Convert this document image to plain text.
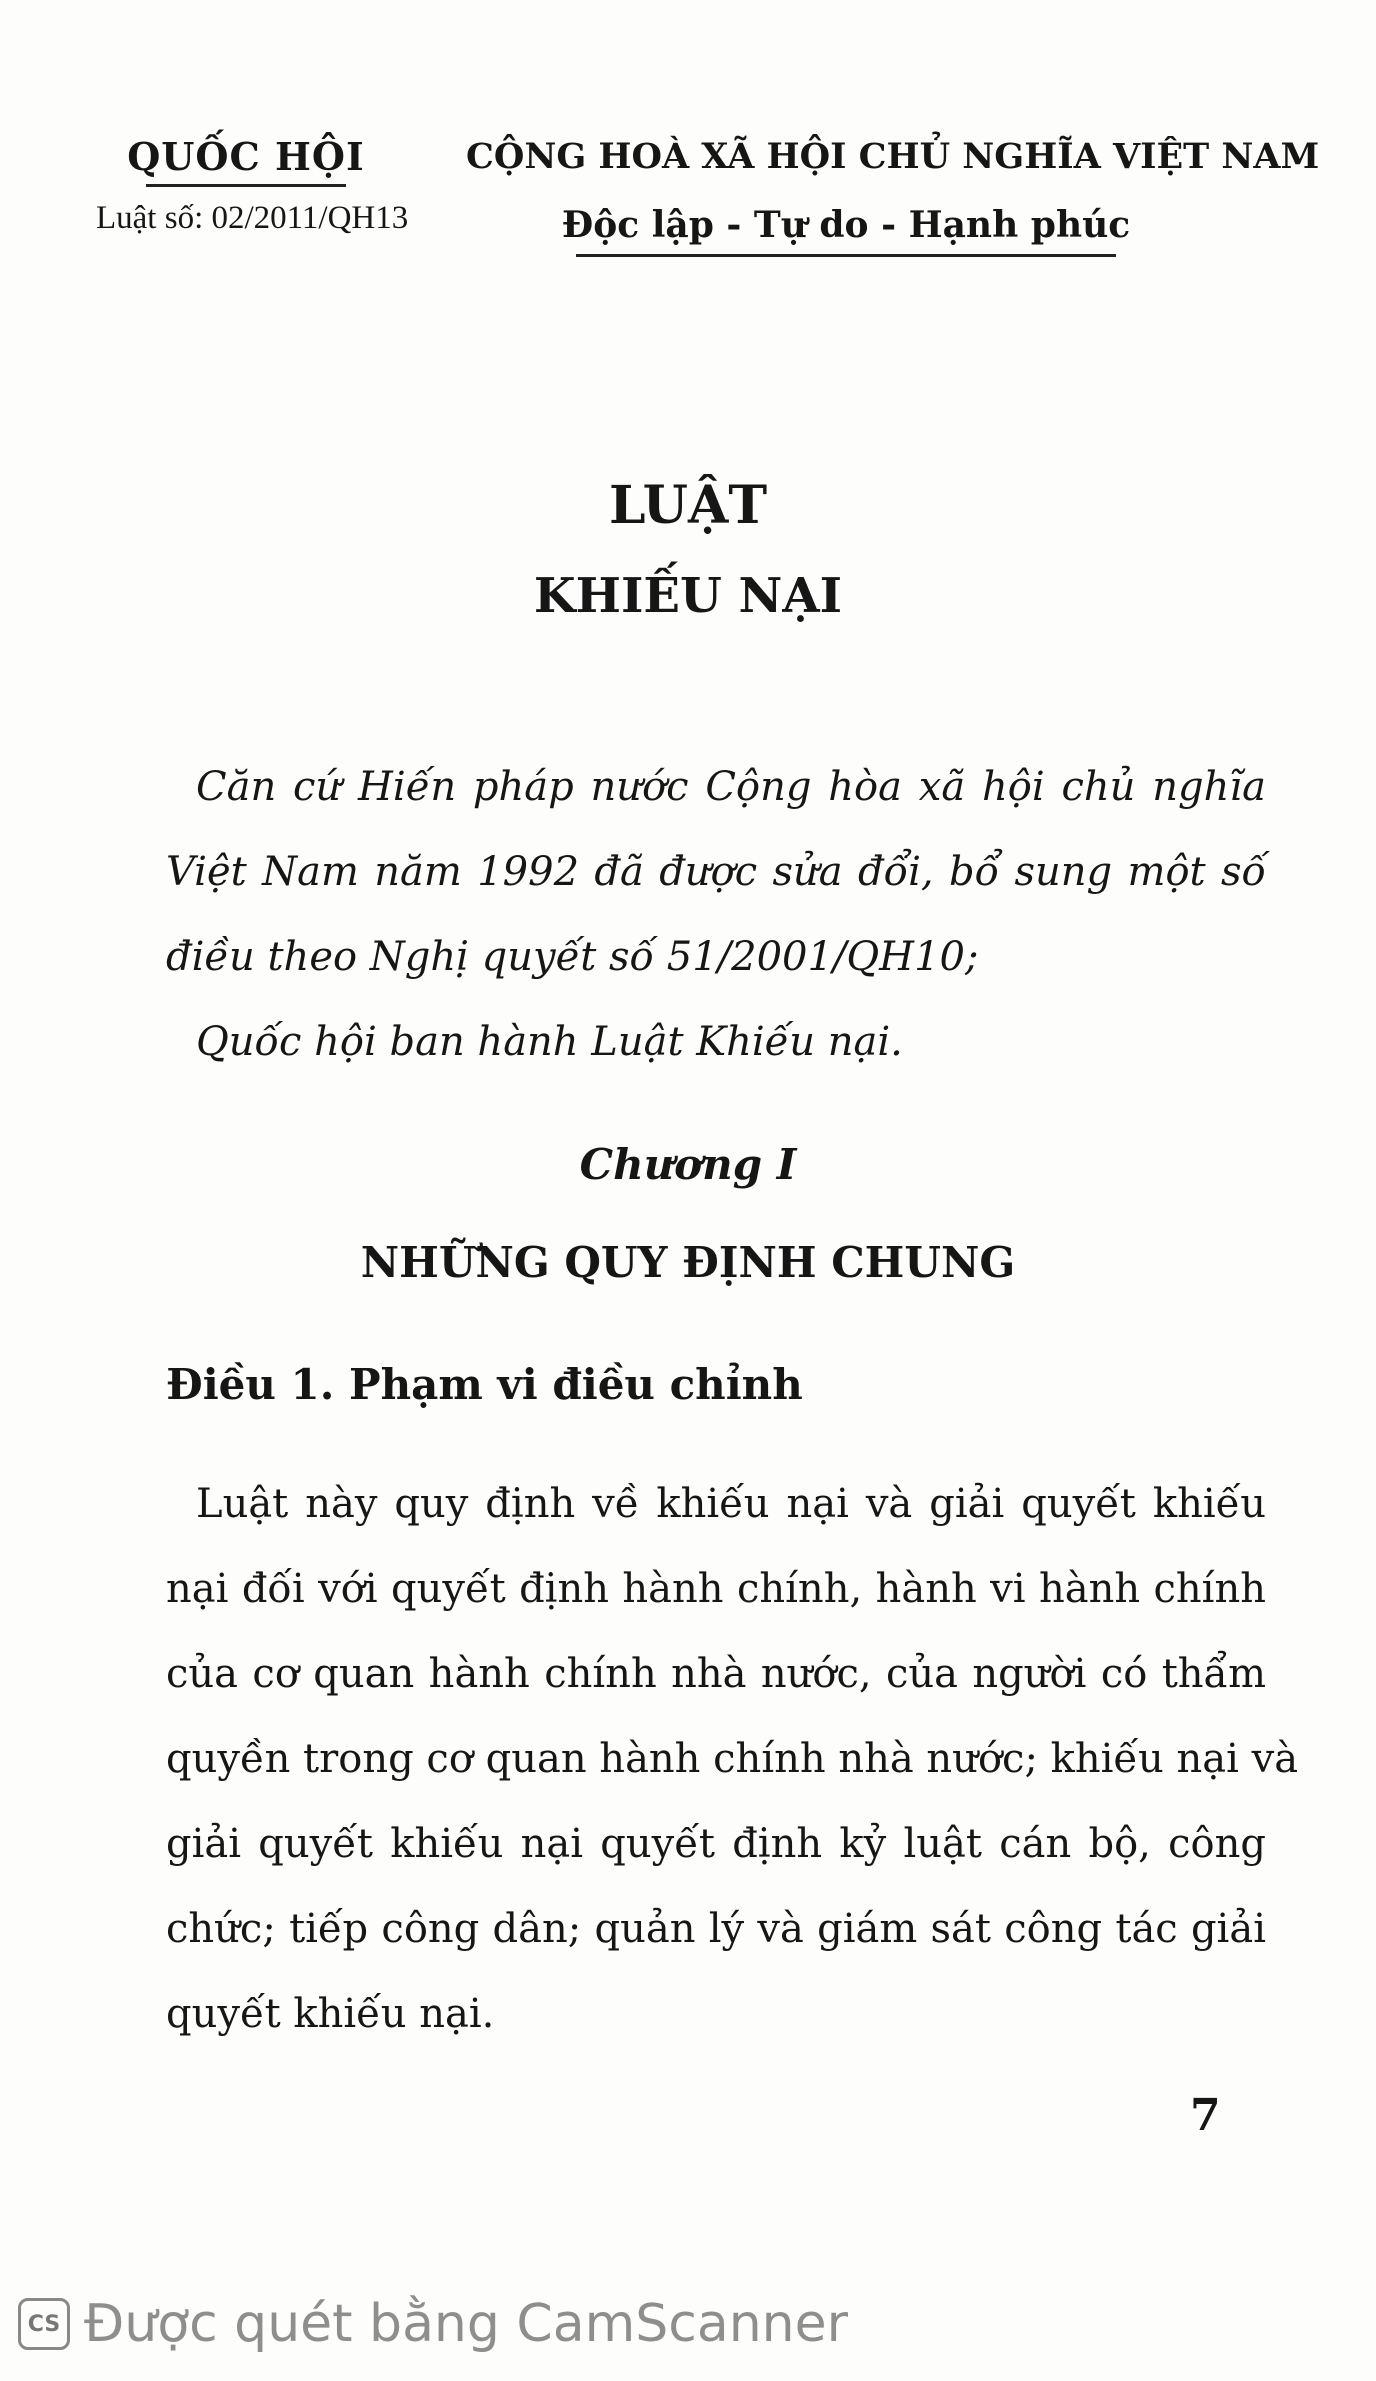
QUỐC HỘI
Luật số: 02/2011/QH13
CỘNG HOÀ XÃ HỘI CHỦ NGHĨA VIỆT NAM
Độc lập - Tự do - Hạnh phúc
LUẬT
KHIẾU NẠI
Căn cứ Hiến pháp nước Cộng hòa xã hội chủ nghĩa
Việt Nam năm 1992 đã được sửa đổi, bổ sung một số
điều theo Nghị quyết số 51/2001/QH10;
Quốc hội ban hành Luật Khiếu nại.
Chương I
NHỮNG QUY ĐỊNH CHUNG
Điều 1. Phạm vi điều chỉnh
Luật này quy định về khiếu nại và giải quyết khiếu
nại đối với quyết định hành chính, hành vi hành chính
của cơ quan hành chính nhà nước, của người có thẩm
quyền trong cơ quan hành chính nhà nước; khiếu nại và
giải quyết khiếu nại quyết định kỷ luật cán bộ, công
chức; tiếp công dân; quản lý và giám sát công tác giải
quyết khiếu nại.
7
CS Được quét bằng CamScanner
